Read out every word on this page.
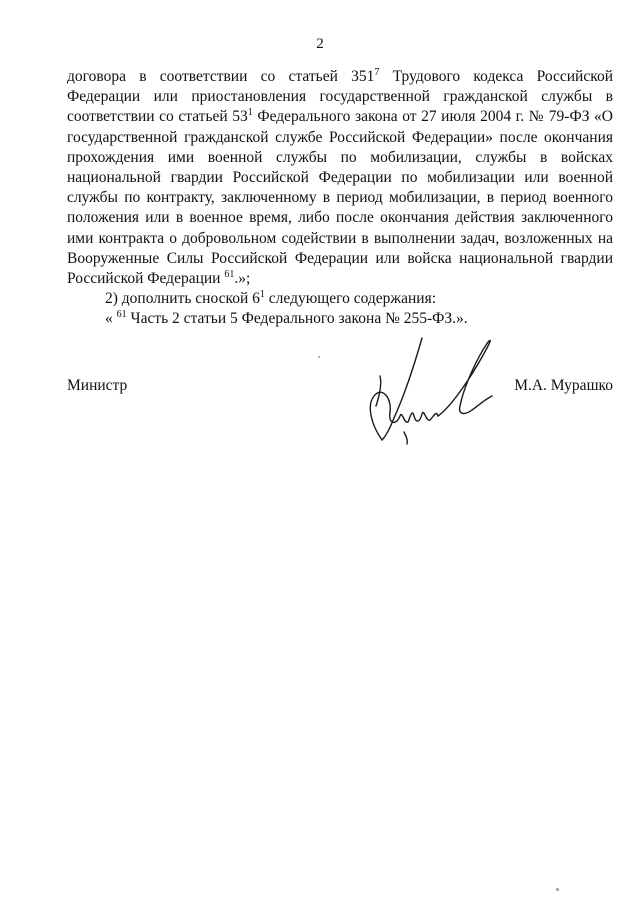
2

договора в соответствии со статьей $351^7$ Трудового кодекса Российской Федерации или приостановления государственной гражданской службы в соответствии со статьей $53^1$ Федерального закона от 27 июля 2004 г. № 79-ФЗ «О государственной гражданской службе Российской Федерации» после окончания прохождения ими военной службы по мобилизации, службы в войсках национальной гвардии Российской Федерации по мобилизации или военной службы по контракту, заключенному в период мобилизации, в период военного положения или в военное время, либо после окончания действия заключенного ими контракта о добровольном содействии в выполнении задач, возложенных на Вооруженные Силы Российской Федерации или войска национальной гвардии Российской Федерации $^{61}$.»;

2) дополнить сноской $6^1$ следующего содержания:

« $^{61}$ Часть 2 статьи 5 Федерального закона № 255-ФЗ.».

Министр	М.А. Мурашко
